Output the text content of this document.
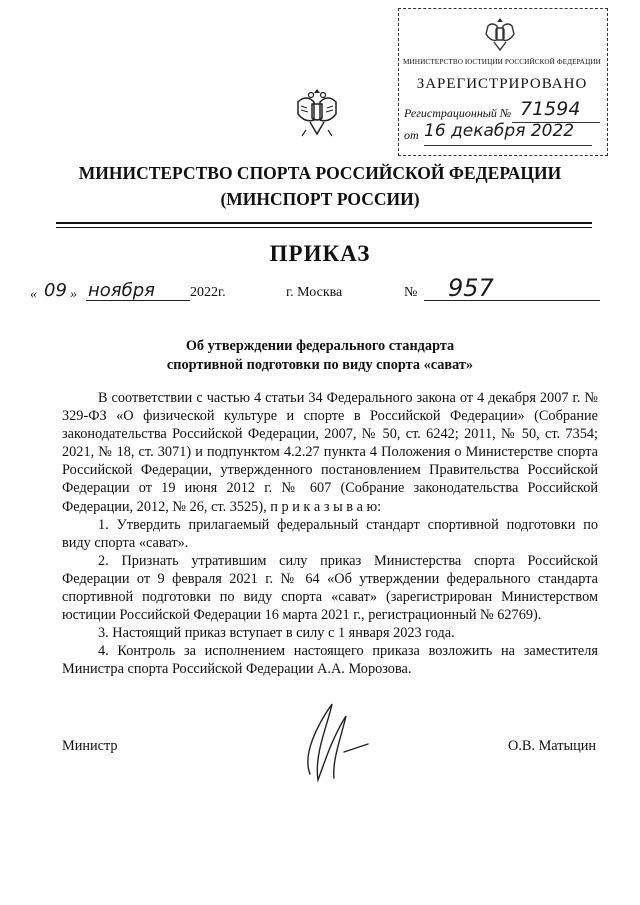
МИНИСТЕРСТВО ЮСТИЦИИ РОССИЙСКОЙ ФЕДЕРАЦИИ
ЗАРЕГИСТРИРОВАНО
Регистрационный № 71594
от 16 декабря 2022
МИНИСТЕРСТВО СПОРТА РОССИЙСКОЙ ФЕДЕРАЦИИ
(МИНСПОРТ РОССИИ)
ПРИКАЗ
« 09 » ноября	2022г.	г. Москва	№ 957
Об утверждении федерального стандарта
спортивной подготовки по виду спорта «сават»

В соответствии с частью 4 статьи 34 Федерального закона от 4 декабря 2007 г. № 329-ФЗ «О физической культуре и спорте в Российской Федерации» (Собрание законодательства Российской Федерации, 2007, № 50, ст. 6242; 2011, № 50, ст. 7354; 2021, № 18, ст. 3071) и подпунктом 4.2.27 пункта 4 Положения о Министерстве спорта Российской Федерации, утвержденного постановлением Правительства Российской Федерации от 19 июня 2012 г. № 607 (Собрание законодательства Российской Федерации, 2012, № 26, ст. 3525), п р и к а з ы в а ю:

1. Утвердить прилагаемый федеральный стандарт спортивной подготовки по виду спорта «сават».

2. Признать утратившим силу приказ Министерства спорта Российской Федерации от 9 февраля 2021 г. № 64 «Об утверждении федерального стандарта спортивной подготовки по виду спорта «сават» (зарегистрирован Министерством юстиции Российской Федерации 16 марта 2021 г., регистрационный № 62769).

3. Настоящий приказ вступает в силу с 1 января 2023 года.

4. Контроль за исполнением настоящего приказа возложить на заместителя Министра спорта Российской Федерации А.А. Морозова.

Министр	О.В. Матыцин
